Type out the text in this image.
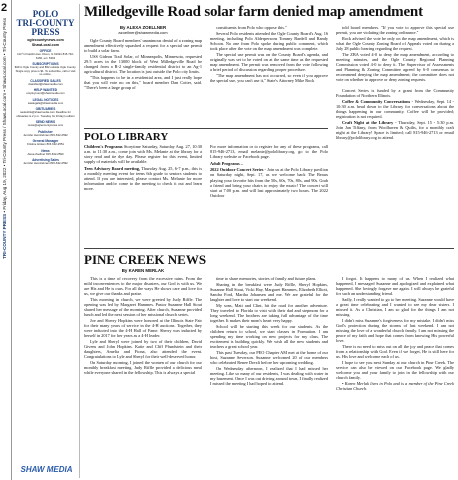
2
TRI-COUNTY PRESS • Friday, Aug 19, 2022 • Tri-County Press / ShawLocal.com • ShawLocal.com • Tri-County Press
POLO
TRI-COUNTY
PRESS
oglecountynews.com
ShawLocal.com
OFFICE
113 ½ Franklin Ave. Dixon, IL 61021 815-732-6166, ext. 5302
SUBSCRIPTIONS
$39 in Ogle County and $52 outside Ogle County. Single copy price is $1. To subscribe, call or visit us online.
CLASSIFIED SALES
classified@shawmedia.com
HELP WANTED
employment@shawmedia.com
LEGAL NOTICES
sawlegals@shawmedia.com
OBITUARIES
saukobits@shawmedia.com Deadline for obituaries is 2 p.m. Tuesday for Friday's edition
SEND NEWS
news@oglecountynews.com
Publisher
Jennifer Heintzelman 815-632-2592
General Manager
Kristine Hinken 815-632-2551
News
Alexa Zoellner 815-632-2590
Advertising Sales
Jennifer Heintzelman 815-632-2592
SHAW MEDIA
Milledgeville Road solar farm denied map amendment
By ALEXA ZOELLNER
azoellner@shawmedia.com

Ogle County Board members' unanimous denial of a zoning map amendment effectively squashed a request for a special use permit to build a solar farm.

USS Gideon Trail Solar, of Minneapolis, Minnesota, requested 29.5 acres in the 13000 block of West Milledgeville Road be changed from a R-2 single-family residential district to an Ag-1 agricultural district. The location is just outside the Polo city limits.

"This happens to be in a residential area, and I just really hope that you will vote no on this," board member Dan Cotter, said. "There's been a large group of

constituents from Polo who oppose this."

Several Polo residents attended the Ogle County Board's Aug. 16 meeting, including Polo Alderpersons Tommy Bardell and Randy Schoon. No one from Polo spoke during public comment, which took place after the vote on the map amendment was complete.

The special use permit was on the County Board's agenda, and originally was set to be voted on at the same time as the requested map amendment. The permit was removed from the vote following a brief period of discussion regarding proper procedure.

"The map amendment has not occurred, so even if you approve the special use, you can't use it," State's Attorney Mike Rock

told board members. "If you vote to approve this special use permit, you are violating the zoning ordinance."

Rock advised the vote be only on the map amendment, which is what the Ogle County Zoning Board of Appeals voted on during a July 28 public hearing regarding the request.

The ZBA voted 4-0 to deny the map amendment, according to meeting minutes, and the Ogle County Regional Planning Commission voted 4-0 to deny it. The Supervisor of Assessments and Planning & Zoning Committee agreed by 6-0 consensus to recommend denying the map amendment; the committee does not vote on whether to approve or deny zoning requests.

Concert Series is funded by a grant from the Community Foundation of Northern Illinois.

Coffee & Community Conversations - Wednesday, Sept. 14 - 10:30 a.m. head down to the Library for conversations about the things happening in our community. Coffee will be provided; registration is not required.

Craft Night at the Library - Thursday, Sept. 15 - 5:30 p.m. Join Jan Tiffany, from Woolhaven & Quilts, for a monthly craft night at the Library! Space is limited; call 815-946-2713 or email library@pololibrary.org to attend.

POLO LIBRARY

Children's Programs Storytime Saturday, Saturday Aug. 27, 10:30 a.m. to 11:30 a.m., come join with Ms. Melanie at the library for a story read and tie dye day. Please register for this event, limited supply of materials will be available.

Teen Advisory Board meeting, Thursday Aug. 25, 6-7 p.m., this is a monthly meeting event for teens 6th grade to seniors students to attend. If you are interested, please contact Ms. Melanie for more information and/or come to the meeting to check it out and learn more.

For more information or to register for any of these programs, call 815-946-2713, email melanie@pololibrary.org, go to the Polo Library website or Facebook page.

Adult Programs –

2022 Outdoor Concert Series - Join us at the Polo Library pavilion on Saturday night, Sept. 17, as we welcome back The Beaux playing your favorite hits from the 50s, 60s, 70s, 80s, and 90s. Grab a friend and bring your chairs to enjoy the music! The concert will start at 7:00 p.m. and will last approximately two hours. The 2022 Outdoor

PINE CREEK NEWS
By KAREN MERLAK

This is a time of recovery from the excessive rains. From the mild inconveniences to the major disasters, our God is with us. We are His and He is ours. For all the ways He shows care and love for us, we give our thanks and praise.

This morning in church, we were greeted by Judy Riffle. The opening was led by Margaret Hammes. Pastor Suzanne Hall Stout shared her message of the morning. After church, Suzanne provided lunch and led the next session of her missional church series.

Joe and Sherry Hopkins were honored at the Illinois State Fair for their many years of service in the 4-H auctions. Together, they were inducted into the 4-H Hall of Fame. Sherry was inducted by herself in 2017 for her years as a 4-H leader.

Lyle and Sheryl were joined by two of their children, David Givens and John Hopkins. Katie and Cliff Pfundstein and their daughters, Amelia and Fiona, also attended the event. Congratulations to Lyle and Sheryl for their well-deserved honor.

On Saturday morning, I joined the women of our church for our monthly breakfast meeting. Judy Riffle provided a delicious meal while everyone shared in the fellowship. This is always a special

time to share memories, stories of family and future plans.

Sharing in the breakfast were Judy Riffle, Sheryl Hopkins, Suzanne Hall Stout, Vicki Hay, Margaret Hammes, Elizabeth Elliott, Sandra Ford, Martha Johansen and me. We are grateful for the laughter and love to start our weekend.

My sons, Matt and Clint, hit the road for another adventure. They traveled to Florida to visit with their dad and stepmom for a long weekend. The brothers are taking full advantage of the time together. It makes their mom's heart very happy.

School will be starting this week for our students. As the children return to school, we start classes in Formation. I am spending my time working on new projects for my class. The excitement is building quickly. We wish all the new students and teachers a great school year.

This past Tuesday, our PEO Chapter AM met at the home of our host, Suzanne Severson. Suzanne welcomed 20 of our members who celebrated Renee Drexli before her upcoming wedding.

On Wednesday afternoon, I realized that I had missed her meeting. Like so many of our residents, I was dealing with water in my basement. Once I was out driving around town, I finally realized I missed the meeting I had hoped to attend.

I forgot. It happens to many of us. When I realized what happened, I messaged Suzanne and apologized and explained what happened. She lovingly forgave me again. I will always be grateful for such an understanding friend.

Sadly, I really wanted to go to her meeting. Suzanne would have a great time celebrating and I wanted to see my dear sisters. I missed it. As a Christian, I am so glad for the things I am not missing.

I didn't miss Suzanne's forgiveness for my mistake. I didn't miss God's protection during the storms of last weekend. I am not missing the love of a wonderful church family. I am not missing the peace of my faith and hope that comes from knowing His powerful love.

There is no need to miss out on all the joy and peace that comes from a relationship with God. Even if we forget, He is still here for us. His love and welcome each of us.

I hope to see you next Sunday at our church in Pine Creek. The service can also be viewed on our Facebook page. We gladly welcome you and your family to join in the fellowship with our church family.

• Karen Merlak lives in Polo and is a member of the Pine Creek Christian Church.
